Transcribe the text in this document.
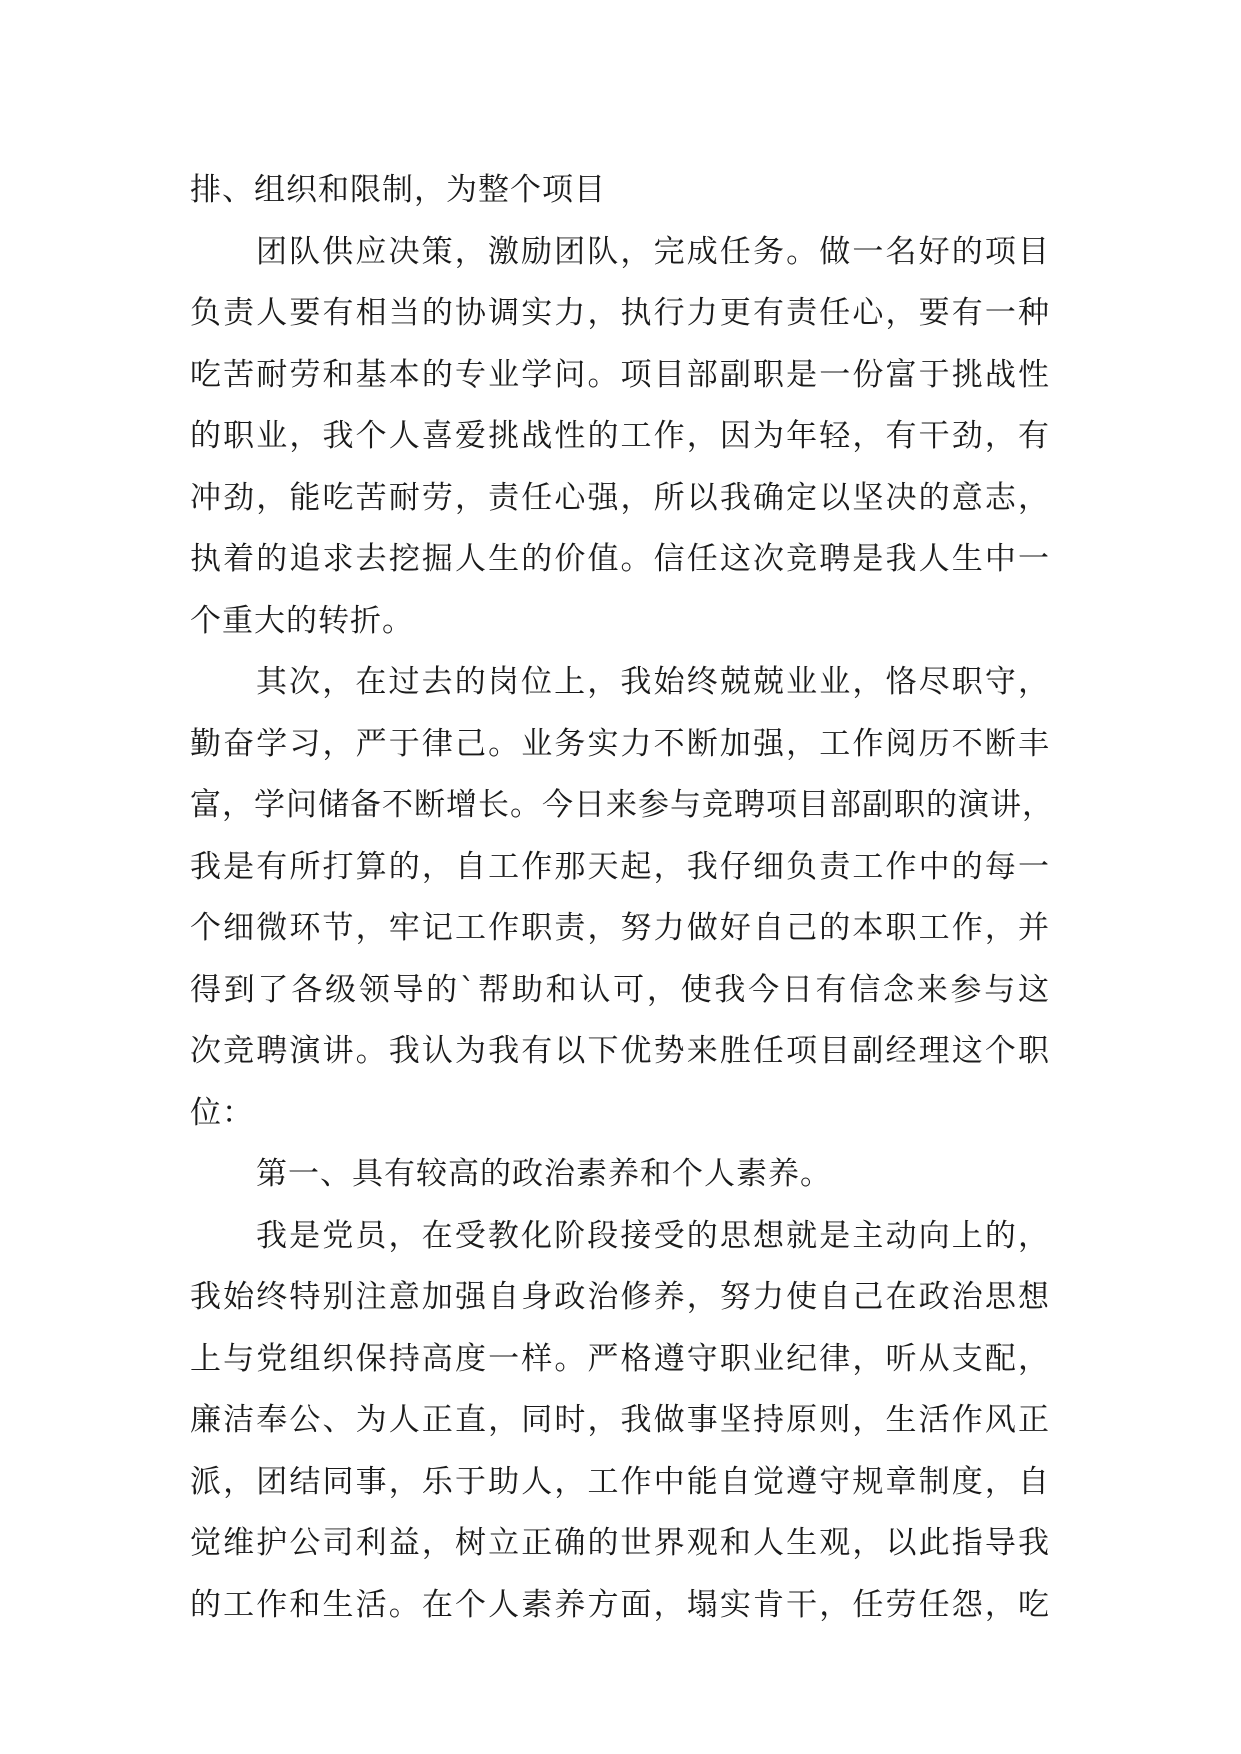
排、组织和限制，为整个项目
团队供应决策，激励团队，完成任务。做一名好的项目
负责人要有相当的协调实力，执行力更有责任心，要有一种
吃苦耐劳和基本的专业学问。项目部副职是一份富于挑战性
的职业，我个人喜爱挑战性的工作，因为年轻，有干劲，有
冲劲，能吃苦耐劳，责任心强，所以我确定以坚决的意志，
执着的追求去挖掘人生的价值。信任这次竞聘是我人生中一
个重大的转折。
其次，在过去的岗位上，我始终兢兢业业，恪尽职守，
勤奋学习，严于律己。业务实力不断加强，工作阅历不断丰
富，学问储备不断增长。今日来参与竞聘项目部副职的演讲，
我是有所打算的，自工作那天起，我仔细负责工作中的每一
个细微环节，牢记工作职责，努力做好自己的本职工作，并
得到了各级领导的`帮助和认可，使我今日有信念来参与这
次竞聘演讲。我认为我有以下优势来胜任项目副经理这个职
位：
第一、具有较高的政治素养和个人素养。
我是党员，在受教化阶段接受的思想就是主动向上的，
我始终特别注意加强自身政治修养，努力使自己在政治思想
上与党组织保持高度一样。严格遵守职业纪律，听从支配，
廉洁奉公、为人正直，同时，我做事坚持原则，生活作风正
派，团结同事，乐于助人，工作中能自觉遵守规章制度，自
觉维护公司利益，树立正确的世界观和人生观，以此指导我
的工作和生活。在个人素养方面，塌实肯干，任劳任怨，吃
